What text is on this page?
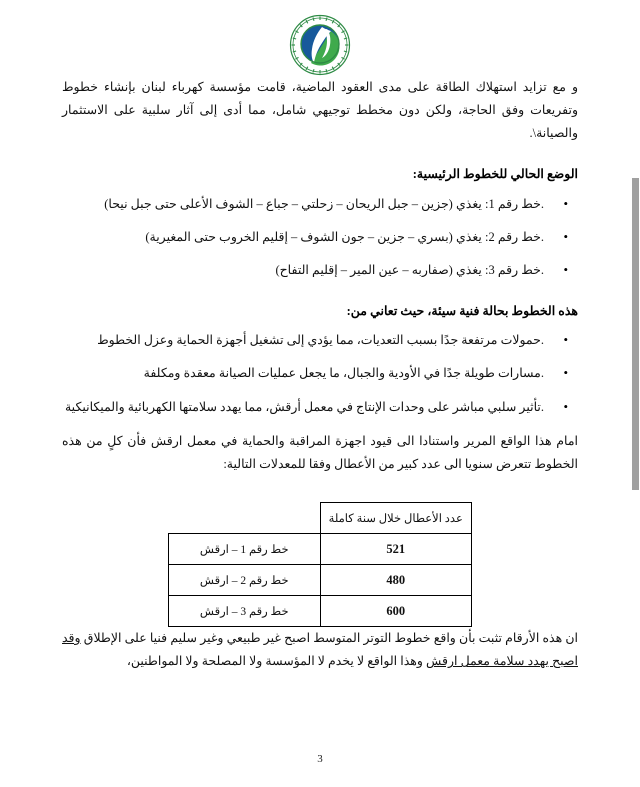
و مع تزايد استهلاك الطاقة على مدى العقود الماضية، قامت مؤسسة كهرباء لبنان بإنشاء خطوط وتفريعات وفق الحاجة، ولكن دون مخطط توجيهي شامل، مما أدى إلى آثار سلبية على الاستثمار والصيانة\.

الوضع الحالي للخطوط الرئيسية:
• .خط رقم 1: يغذي (جزين – جبل الريحان – زحلتي – جباع – الشوف الأعلى حتى جبل نيحا)
• .خط رقم 2: يغذي (بسري – جزين – جون الشوف – إقليم الخروب حتى المغيرية)
• .خط رقم 3: يغذي (صفاربه – عين المير – إقليم التفاح)
هذه الخطوط بحالة فنية سيئة، حيث تعاني من:
• .حمولات مرتفعة جدًا بسبب التعديات، مما يؤدي إلى تشغيل أجهزة الحماية وعزل الخطوط
• .مسارات طويلة جدًا في الأودية والجبال، ما يجعل عمليات الصيانة معقدة ومكلفة
• .تأثير سلبي مباشر على وحدات الإنتاج في معمل أرقش، مما يهدد سلامتها الكهربائية والميكانيكية

امام هذا الواقع المرير واستنادا الى قيود اجهزة المراقبة والحماية في معمل ارقش فأن كلٍ من هذه الخطوط تتعرض سنويا الى عدد كبير من الأعطال وفقا للمعدلات التالية:

عدد الأعطال خلال سنة كاملة	
521	خط رقم 1 – ارقش
480	خط رقم 2 – ارقش
600	خط رقم 3 – ارقش

ان هذه الأرقام تثبت بأن واقع خطوط التوتر المتوسط اصبح غير طبيعي وغير سليم فنيا على الإطلاق وقد اصبح يهدد سلامة معمل ارقش وهذا الواقع لا يخدم لا المؤسسة ولا المصلحة ولا المواطنين،

3
